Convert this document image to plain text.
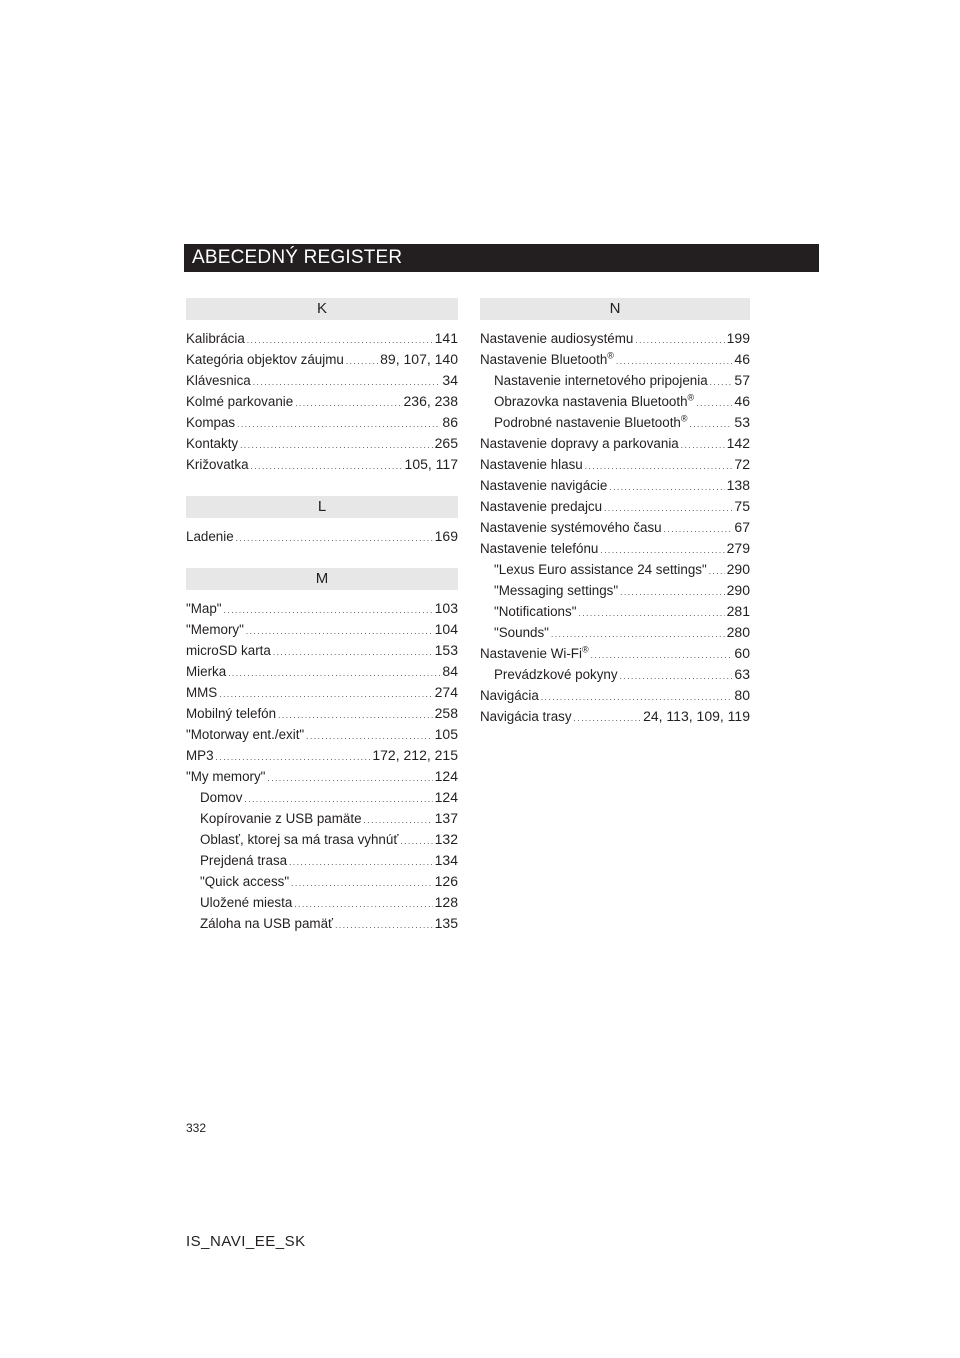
ABECEDNÝ REGISTER
K
Kalibrácia .....	141
Kategória objektov záujmu .....	89, 107, 140
Klávesnica .....	34
Kolmé parkovanie .....	236, 238
Kompas .....	86
Kontakty .....	265
Križovatka .....	105, 117
L
Ladenie .....	169
M
"Map" .....	103
"Memory" .....	104
microSD karta .....	153
Mierka .....	84
MMS .....	274
Mobilný telefón .....	258
"Motorway ent./exit" .....	105
MP3 .....	172, 212, 215
"My memory" .....	124
Domov .....	124
Kopírovanie z USB pamäte .....	137
Oblasť, ktorej sa má trasa vyhnúť .....	132
Prejdená trasa .....	134
"Quick access" .....	126
Uložené miesta .....	128
Záloha na USB pamäť .....	135
N
Nastavenie audiosystému .....	199
Nastavenie Bluetooth® .....	46
Nastavenie internetového pripojenia ..... 57
Obrazovka nastavenia Bluetooth® .....	46
Podrobné nastavenie Bluetooth® .....	53
Nastavenie dopravy a parkovania .....	142
Nastavenie hlasu .....	72
Nastavenie navigácie .....	138
Nastavenie predajcu .....	75
Nastavenie systémového času .....	67
Nastavenie telefónu .....	279
"Lexus Euro assistance 24 settings" ..... 290
"Messaging settings" .....	290
"Notifications" .....	281
"Sounds" .....	280
Nastavenie Wi-Fi® .....	60
Prevádzkové pokyny .....	63
Navigácia .....	80
Navigácia trasy .....	24, 113, 109, 119
332
IS_NAVI_EE_SK
